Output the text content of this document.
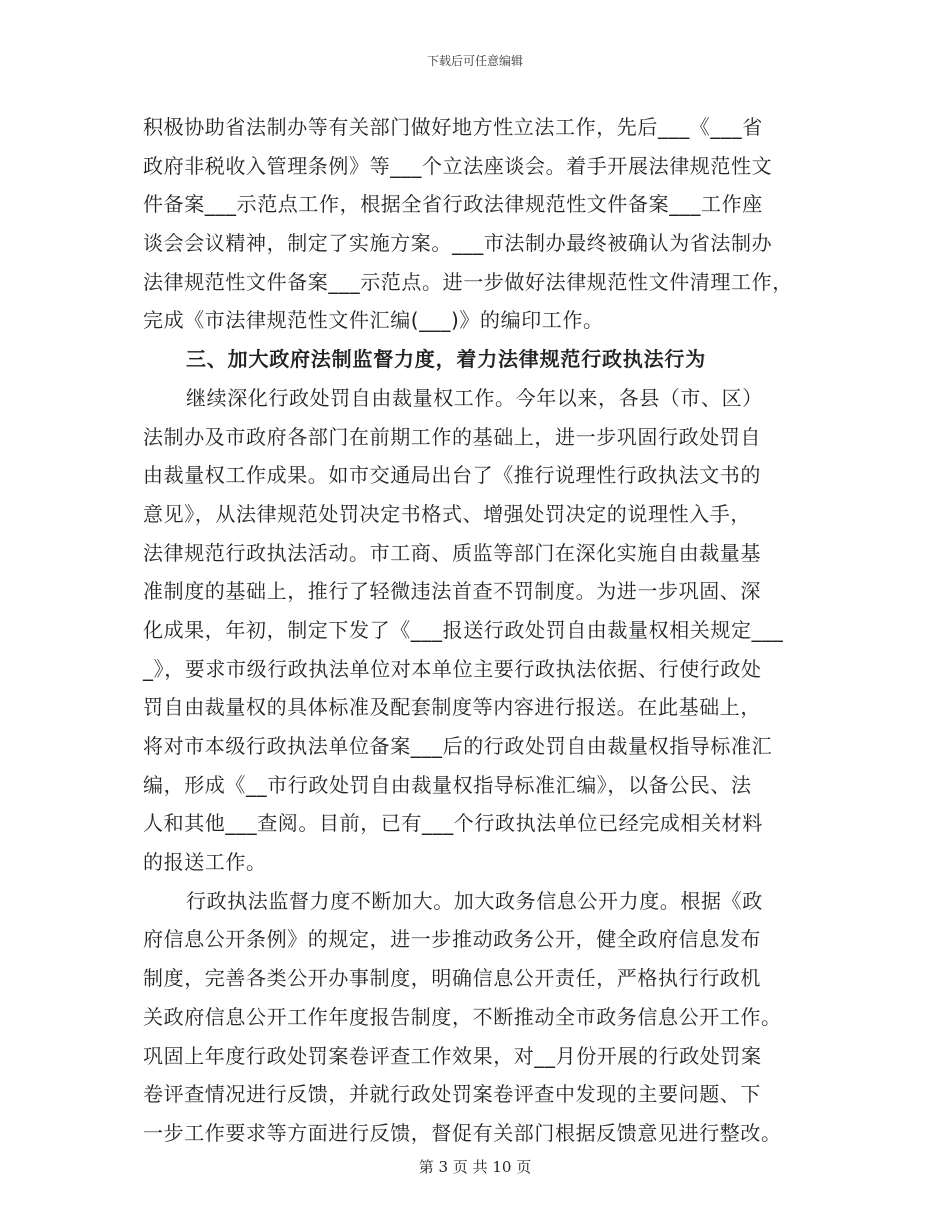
下载后可任意编辑
积极协助省法制办等有关部门做好地方性立法工作，先后___《___省
政府非税收入管理条例》等___个立法座谈会。着手开展法律规范性文
件备案___示范点工作，根据全省行政法律规范性文件备案___工作座
谈会会议精神，制定了实施方案。___市法制办最终被确认为省法制办
法律规范性文件备案___示范点。进一步做好法律规范性文件清理工作，
完成《市法律规范性文件汇编(___)》的编印工作。
三、加大政府法制监督力度，着力法律规范行政执法行为
继续深化行政处罚自由裁量权工作。今年以来，各县（市、区）
法制办及市政府各部门在前期工作的基础上，进一步巩固行政处罚自
由裁量权工作成果。如市交通局出台了《推行说理性行政执法文书的
意见》，从法律规范处罚决定书格式、增强处罚决定的说理性入手，
法律规范行政执法活动。市工商、质监等部门在深化实施自由裁量基
准制度的基础上，推行了轻微违法首查不罚制度。为进一步巩固、深
化成果，年初，制定下发了《___报送行政处罚自由裁量权相关规定___
_》，要求市级行政执法单位对本单位主要行政执法依据、行使行政处
罚自由裁量权的具体标准及配套制度等内容进行报送。在此基础上，
将对市本级行政执法单位备案___后的行政处罚自由裁量权指导标准汇
编，形成《__市行政处罚自由裁量权指导标准汇编》，以备公民、法
人和其他___查阅。目前，已有___个行政执法单位已经完成相关材料
的报送工作。
行政执法监督力度不断加大。加大政务信息公开力度。根据《政
府信息公开条例》的规定，进一步推动政务公开，健全政府信息发布
制度，完善各类公开办事制度，明确信息公开责任，严格执行行政机
关政府信息公开工作年度报告制度，不断推动全市政务信息公开工作。
巩固上年度行政处罚案卷评查工作效果，对__月份开展的行政处罚案
卷评查情况进行反馈，并就行政处罚案卷评查中发现的主要问题、下
一步工作要求等方面进行反馈，督促有关部门根据反馈意见进行整改。
第 3 页 共 10 页
